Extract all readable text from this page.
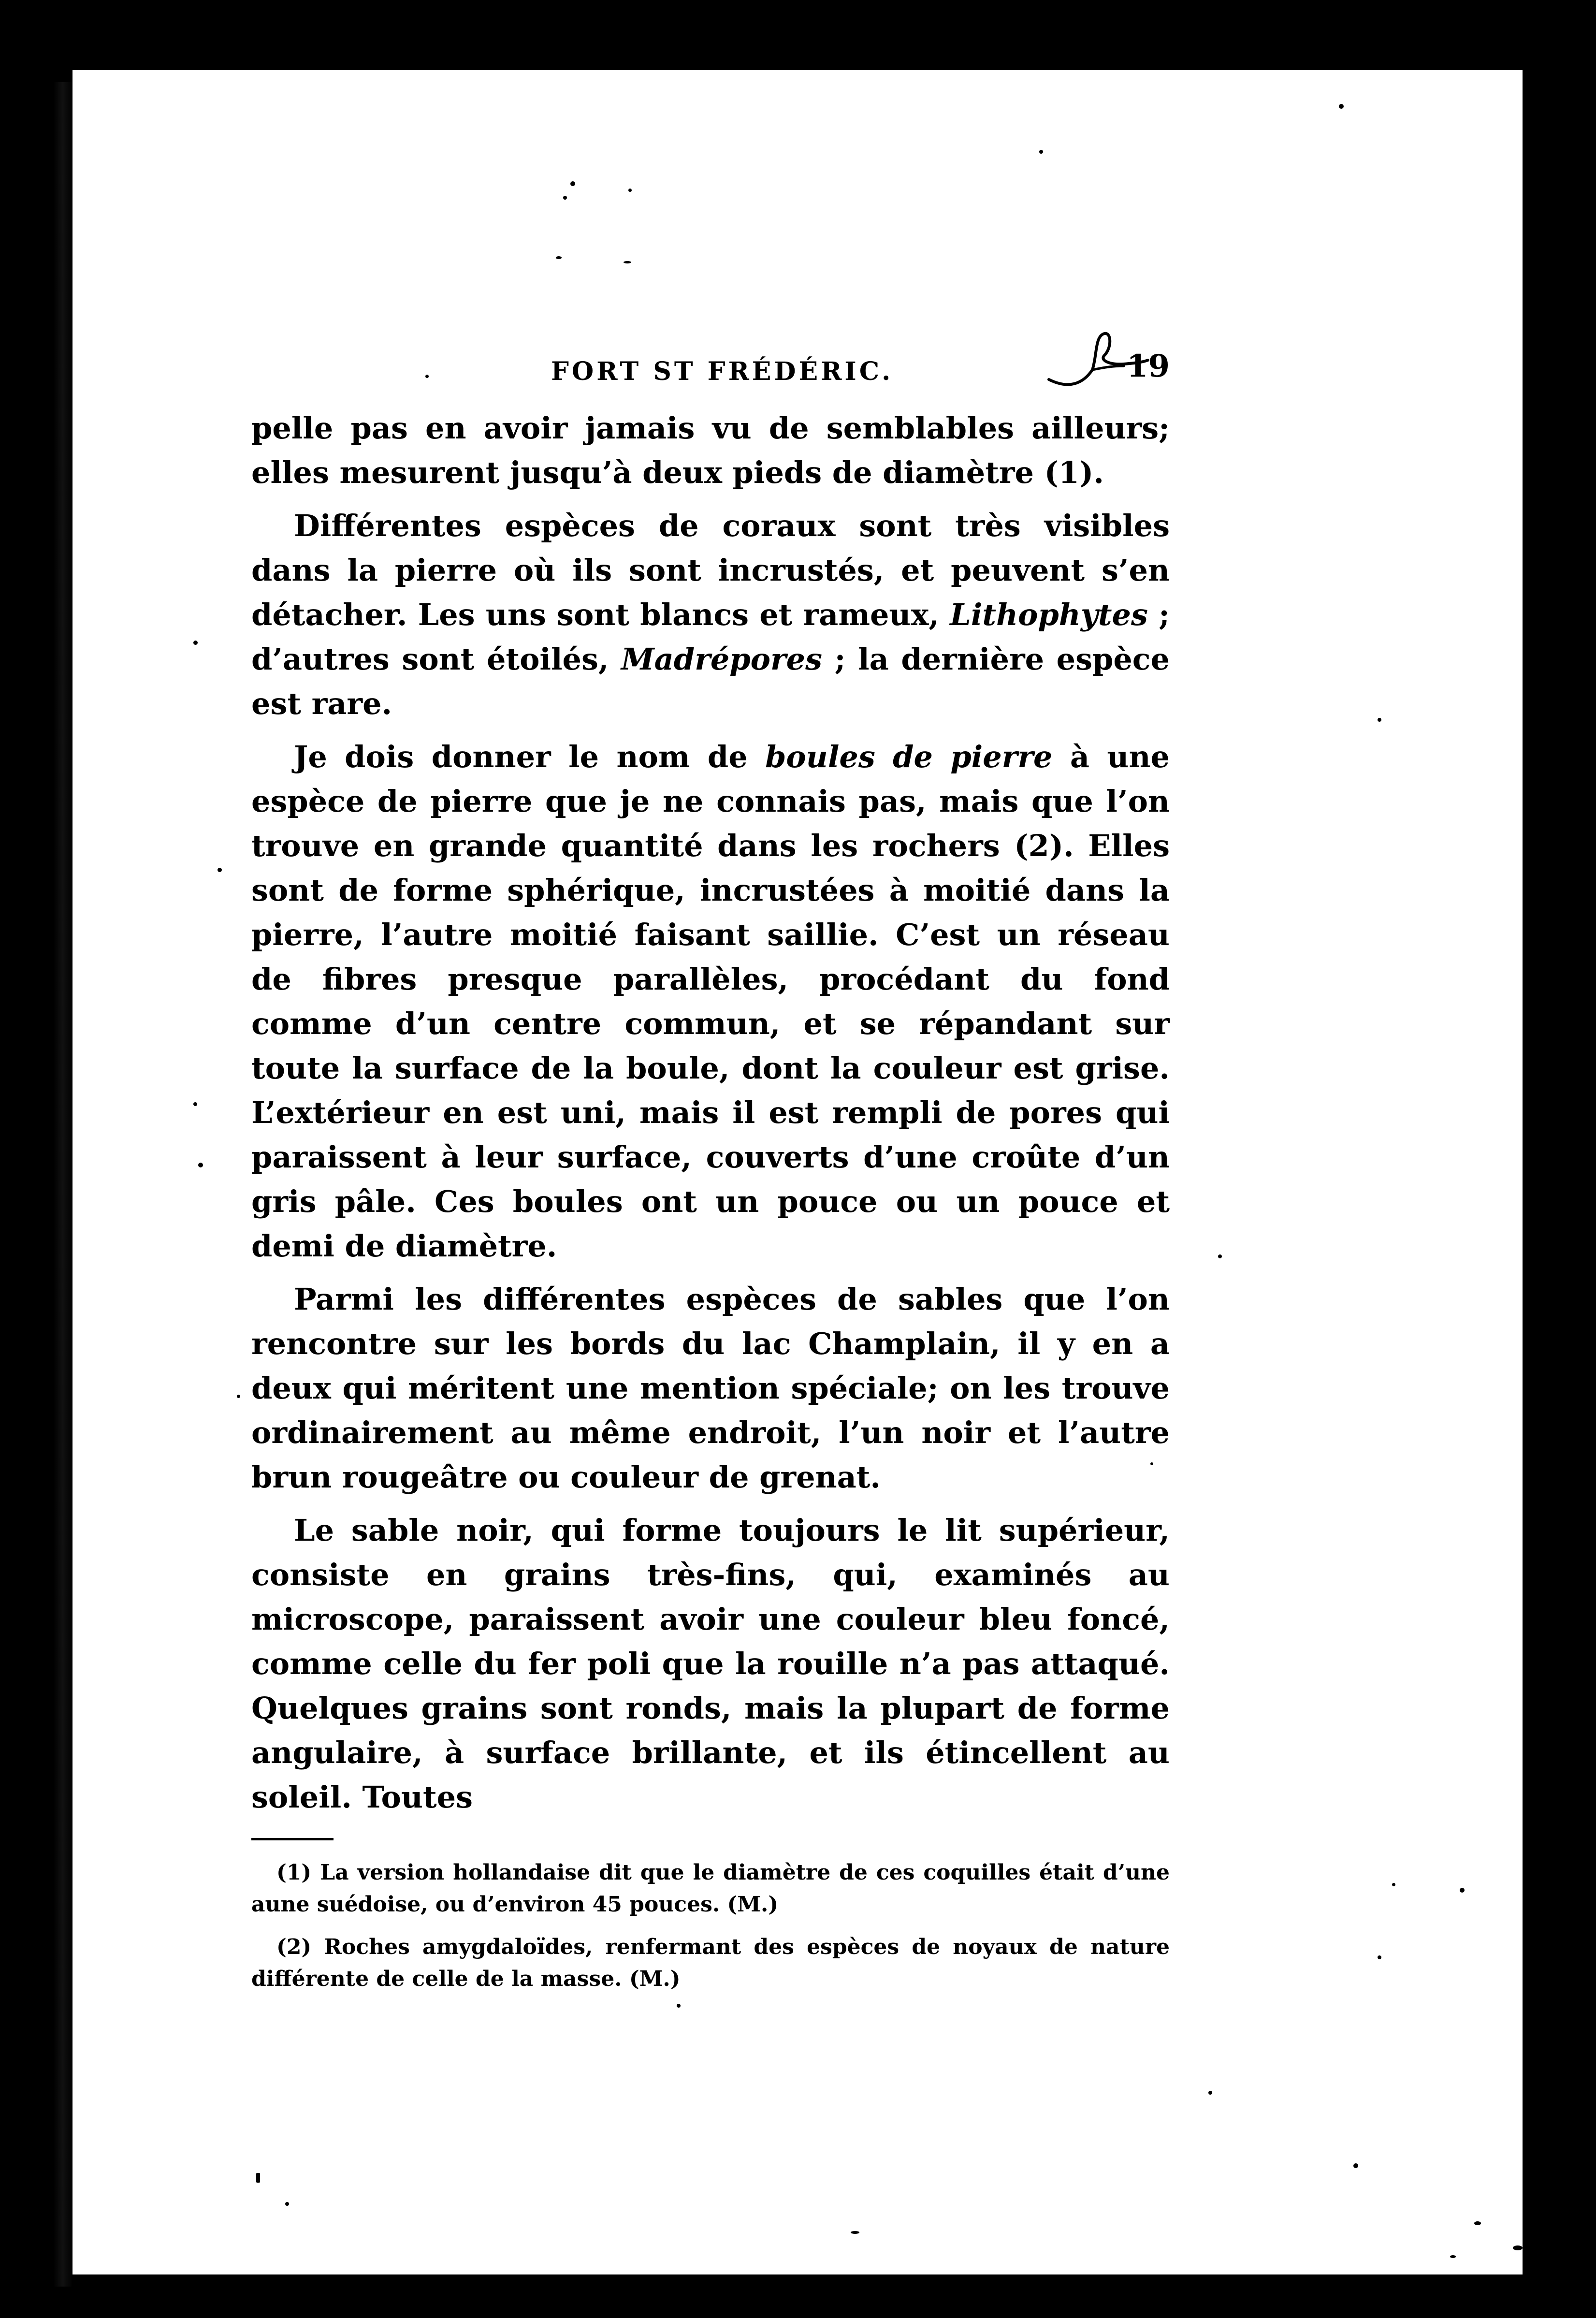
FORT ST FRÉDÉRIC.	19

pelle pas en avoir jamais vu de semblables ailleurs; elles mesurent jusqu’à deux pieds de diamètre (1).

Différentes espèces de coraux sont très visibles dans la pierre où ils sont incrustés, et peuvent s’en détacher. Les uns sont blancs et rameux, Lithophytes ; d’autres sont étoilés, Madrépores ; la dernière espèce est rare.

Je dois donner le nom de boules de pierre à une espèce de pierre que je ne connais pas, mais que l’on trouve en grande quantité dans les rochers (2). Elles sont de forme sphérique, incrustées à moitié dans la pierre, l’autre moitié faisant saillie. C’est un réseau de fibres presque parallèles, procédant du fond comme d’un centre commun, et se répandant sur toute la surface de la boule, dont la couleur est grise. L’extérieur en est uni, mais il est rempli de pores qui paraissent à leur surface, couverts d’une croûte d’un gris pâle. Ces boules ont un pouce ou un pouce et demi de diamètre.

Parmi les différentes espèces de sables que l’on rencontre sur les bords du lac Champlain, il y en a deux qui méritent une mention spéciale; on les trouve ordinairement au même endroit, l’un noir et l’autre brun rougeâtre ou couleur de grenat.

Le sable noir, qui forme toujours le lit supérieur, consiste en grains très-fins, qui, examinés au microscope, paraissent avoir une couleur bleu foncé, comme celle du fer poli que la rouille n’a pas attaqué. Quelques grains sont ronds, mais la plupart de forme angulaire, à surface brillante, et ils étincellent au soleil. Toutes

(1) La version hollandaise dit que le diamètre de ces coquilles était d’une aune suédoise, ou d’environ 45 pouces. (M.)

(2) Roches amygdaloïdes, renfermant des espèces de noyaux de nature différente de celle de la masse. (M.)
